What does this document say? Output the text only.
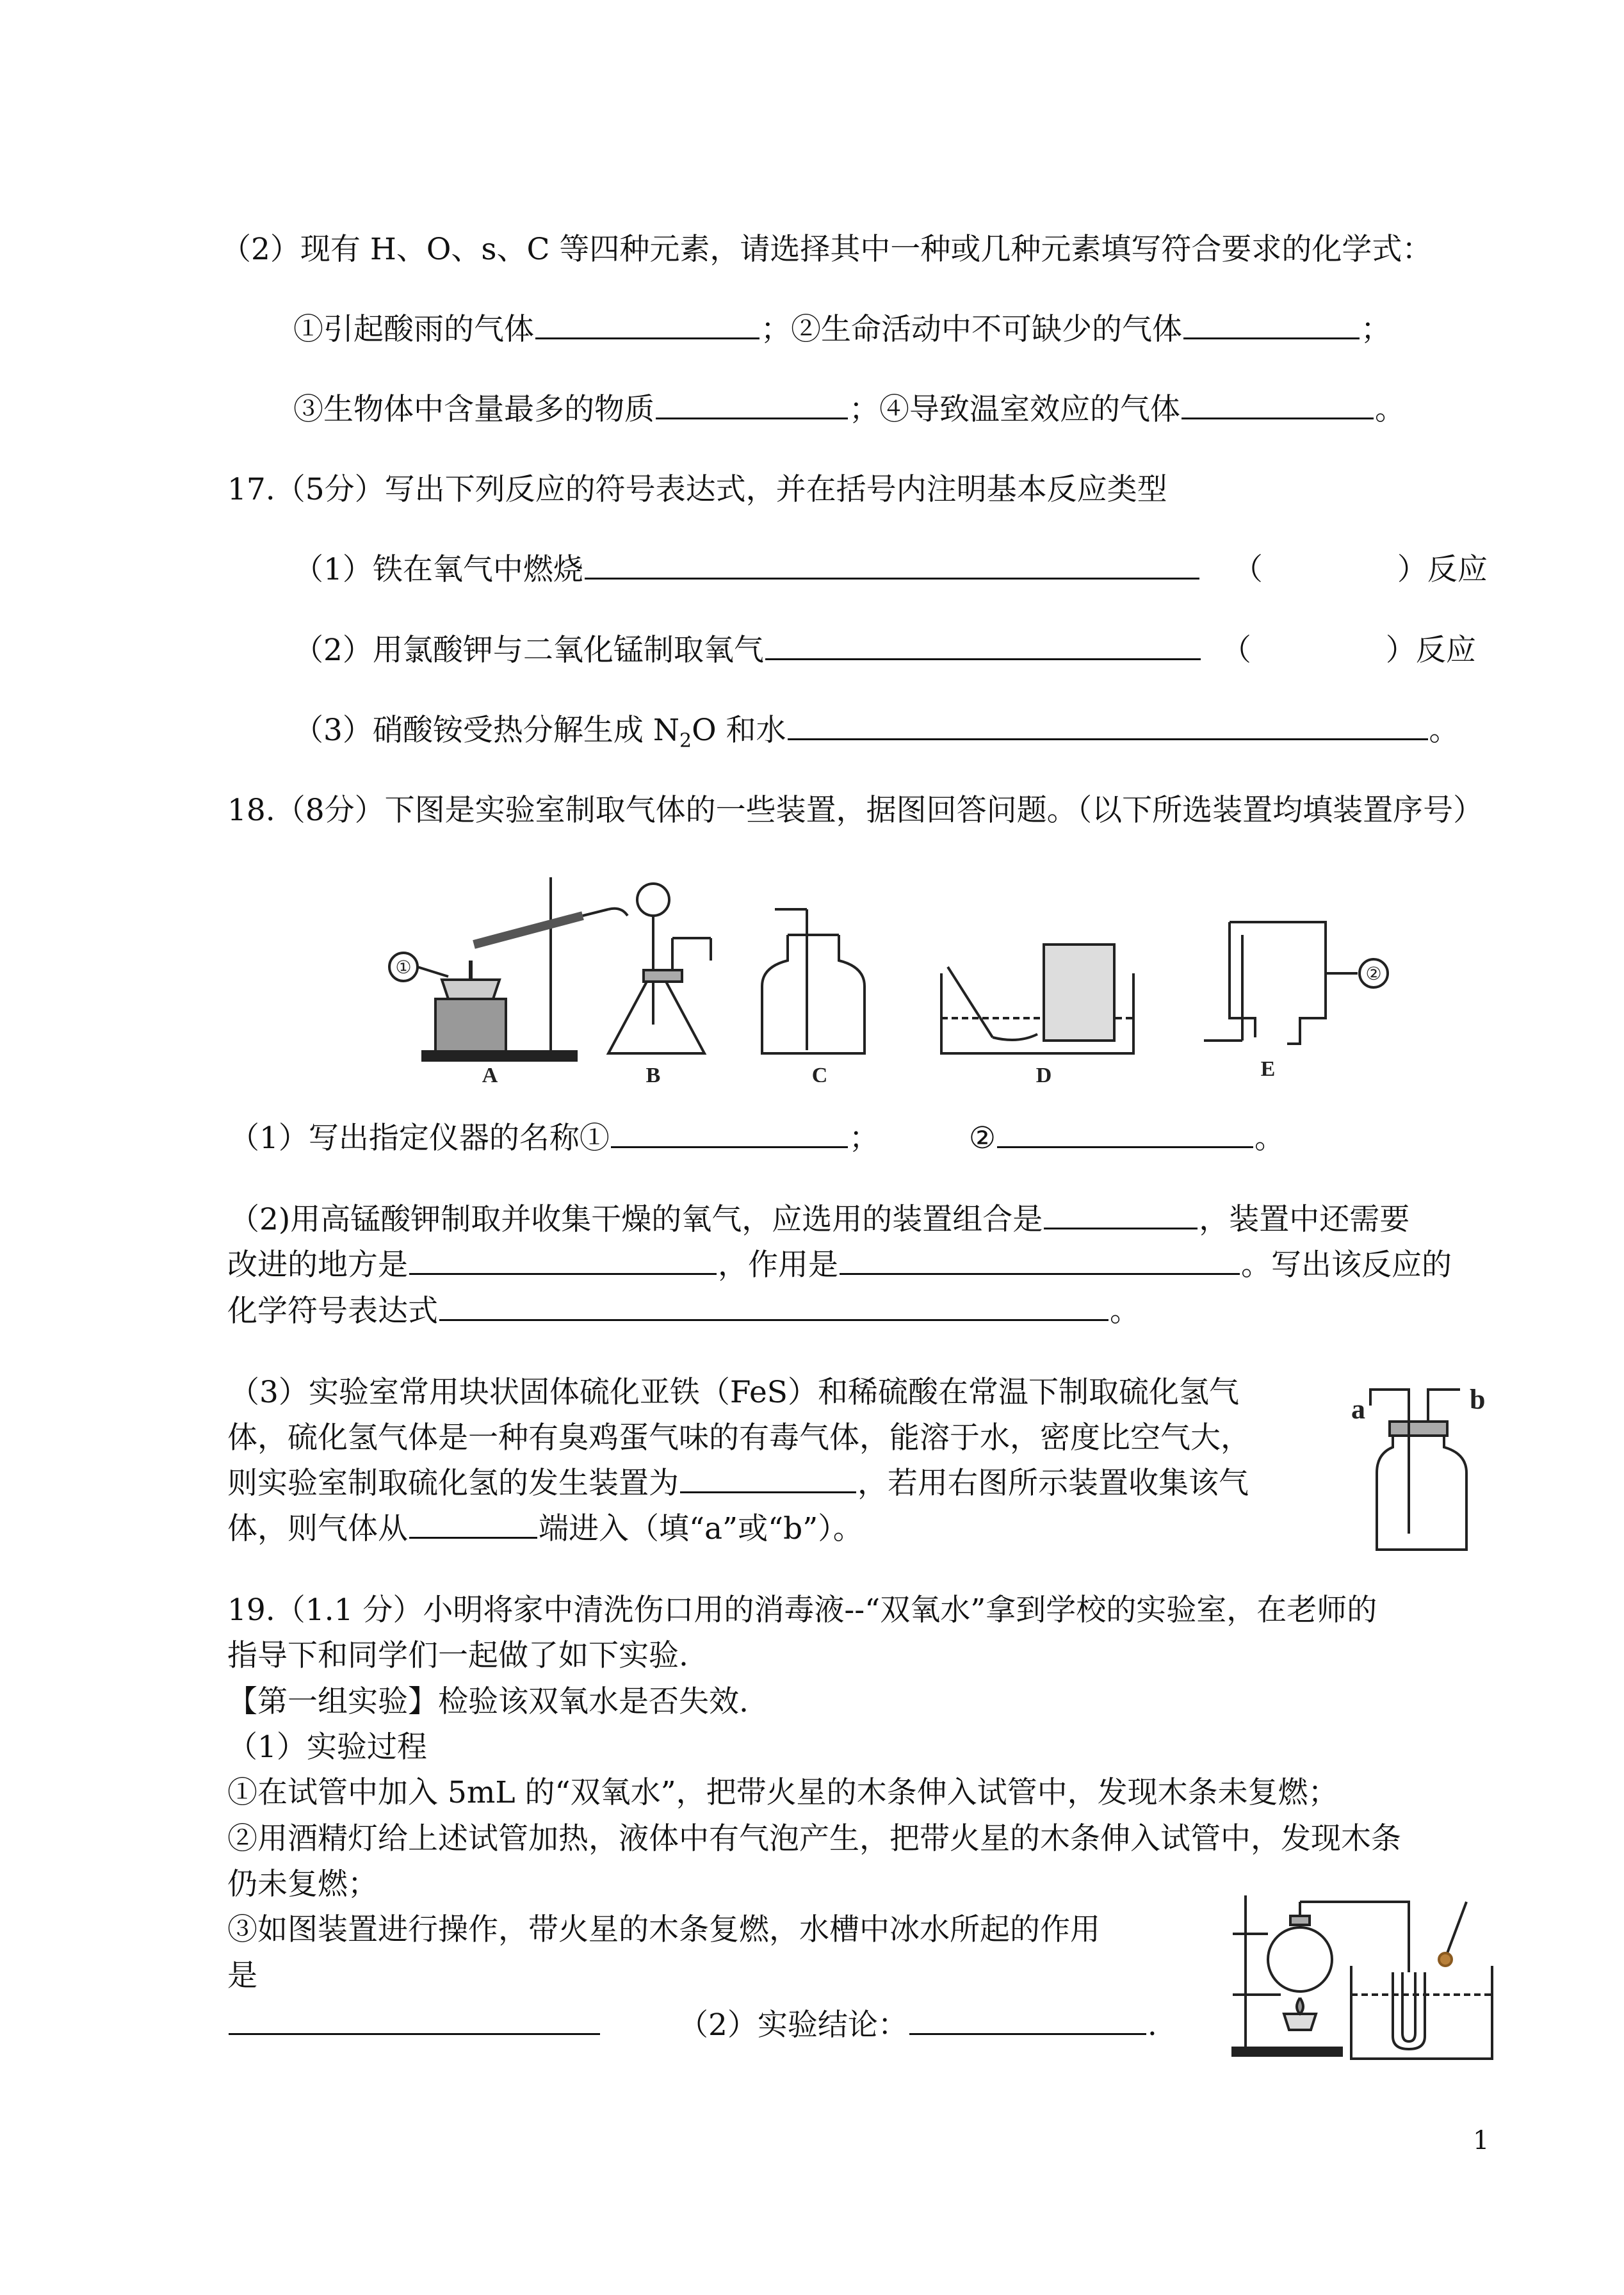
（2）现有 H、O、s、C 等四种元素，请选择其中一种或几种元素填写符合要求的化学式：
①引起酸雨的气体	；②生命活动中不可缺少的气体	；
③生物体中含量最多的物质	；④导致温室效应的气体	。
17.（5分）写出下列反应的符号表达式，并在括号内注明基本反应类型
（1）铁在氧气中燃烧	（	）反应
（2）用氯酸钾与二氧化锰制取氧气	（	）反应
（3）硝酸铵受热分解生成 $N_2O$ 和水	。
18.（8分）下图是实验室制取气体的一些装置，据图回答问题。（以下所选装置均填装置序号）
①
A	B	C	D
②
E
（1）写出指定仪器的名称①	；	②	。
（2)用高锰酸钾制取并收集干燥的氧气，应选用的装置组合是	，装置中还需要
改进的地方是	，作用是	。写出该反应的
化学符号表达式	。
（3）实验室常用块状固体硫化亚铁（FeS）和稀硫酸在常温下制取硫化氢气
体，硫化氢气体是一种有臭鸡蛋气味的有毒气体，能溶于水，密度比空气大，
则实验室制取硫化氢的发生装置为	，若用右图所示装置收集该气
体，则气体从	端进入（填“a”或“b”）。
a	b
19.（1.1 分）小明将家中清洗伤口用的消毒液--“双氧水”拿到学校的实验室，在老师的
指导下和同学们一起做了如下实验.
【第一组实验】检验该双氧水是否失效.
（1）实验过程
①在试管中加入 5mL 的“双氧水”，把带火星的木条伸入试管中，发现木条未复燃；
②用酒精灯给上述试管加热，液体中有气泡产生，把带火星的木条伸入试管中，发现木条
仍未复燃；
③如图装置进行操作，带火星的木条复燃，水槽中冰水所起的作用
是
（2）实验结论：	.
1
